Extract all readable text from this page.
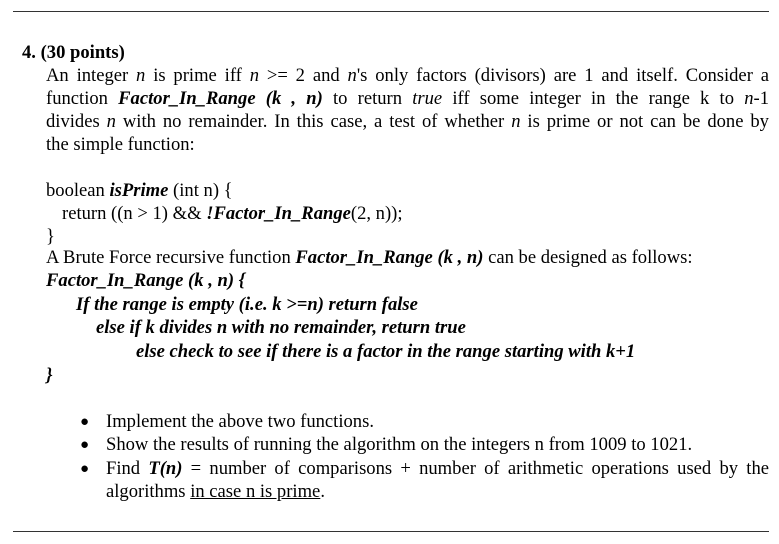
4. (30 points)
An integer n is prime iff n >= 2 and n's only factors (divisors) are 1 and itself. Consider a
function Factor_In_Range (k , n) to return true iff some integer in the range k to n-1
divides n with no remainder. In this case, a test of whether n is prime or not can be done by
the simple function:
boolean isPrime (int n) {
return ((n > 1) && !Factor_In_Range(2, n));
}
A Brute Force recursive function Factor_In_Range (k , n) can be designed as follows:
Factor_In_Range (k , n) {
If the range is empty (i.e. k >=n) return false
else if k divides n with no remainder, return true
else check to see if there is a factor in the range starting with k+1
}
● Implement the above two functions.
● Show the results of running the algorithm on the integers n from 1009 to 1021.
● Find T(n) = number of comparisons + number of arithmetic operations used by the
algorithms in case n is prime.
